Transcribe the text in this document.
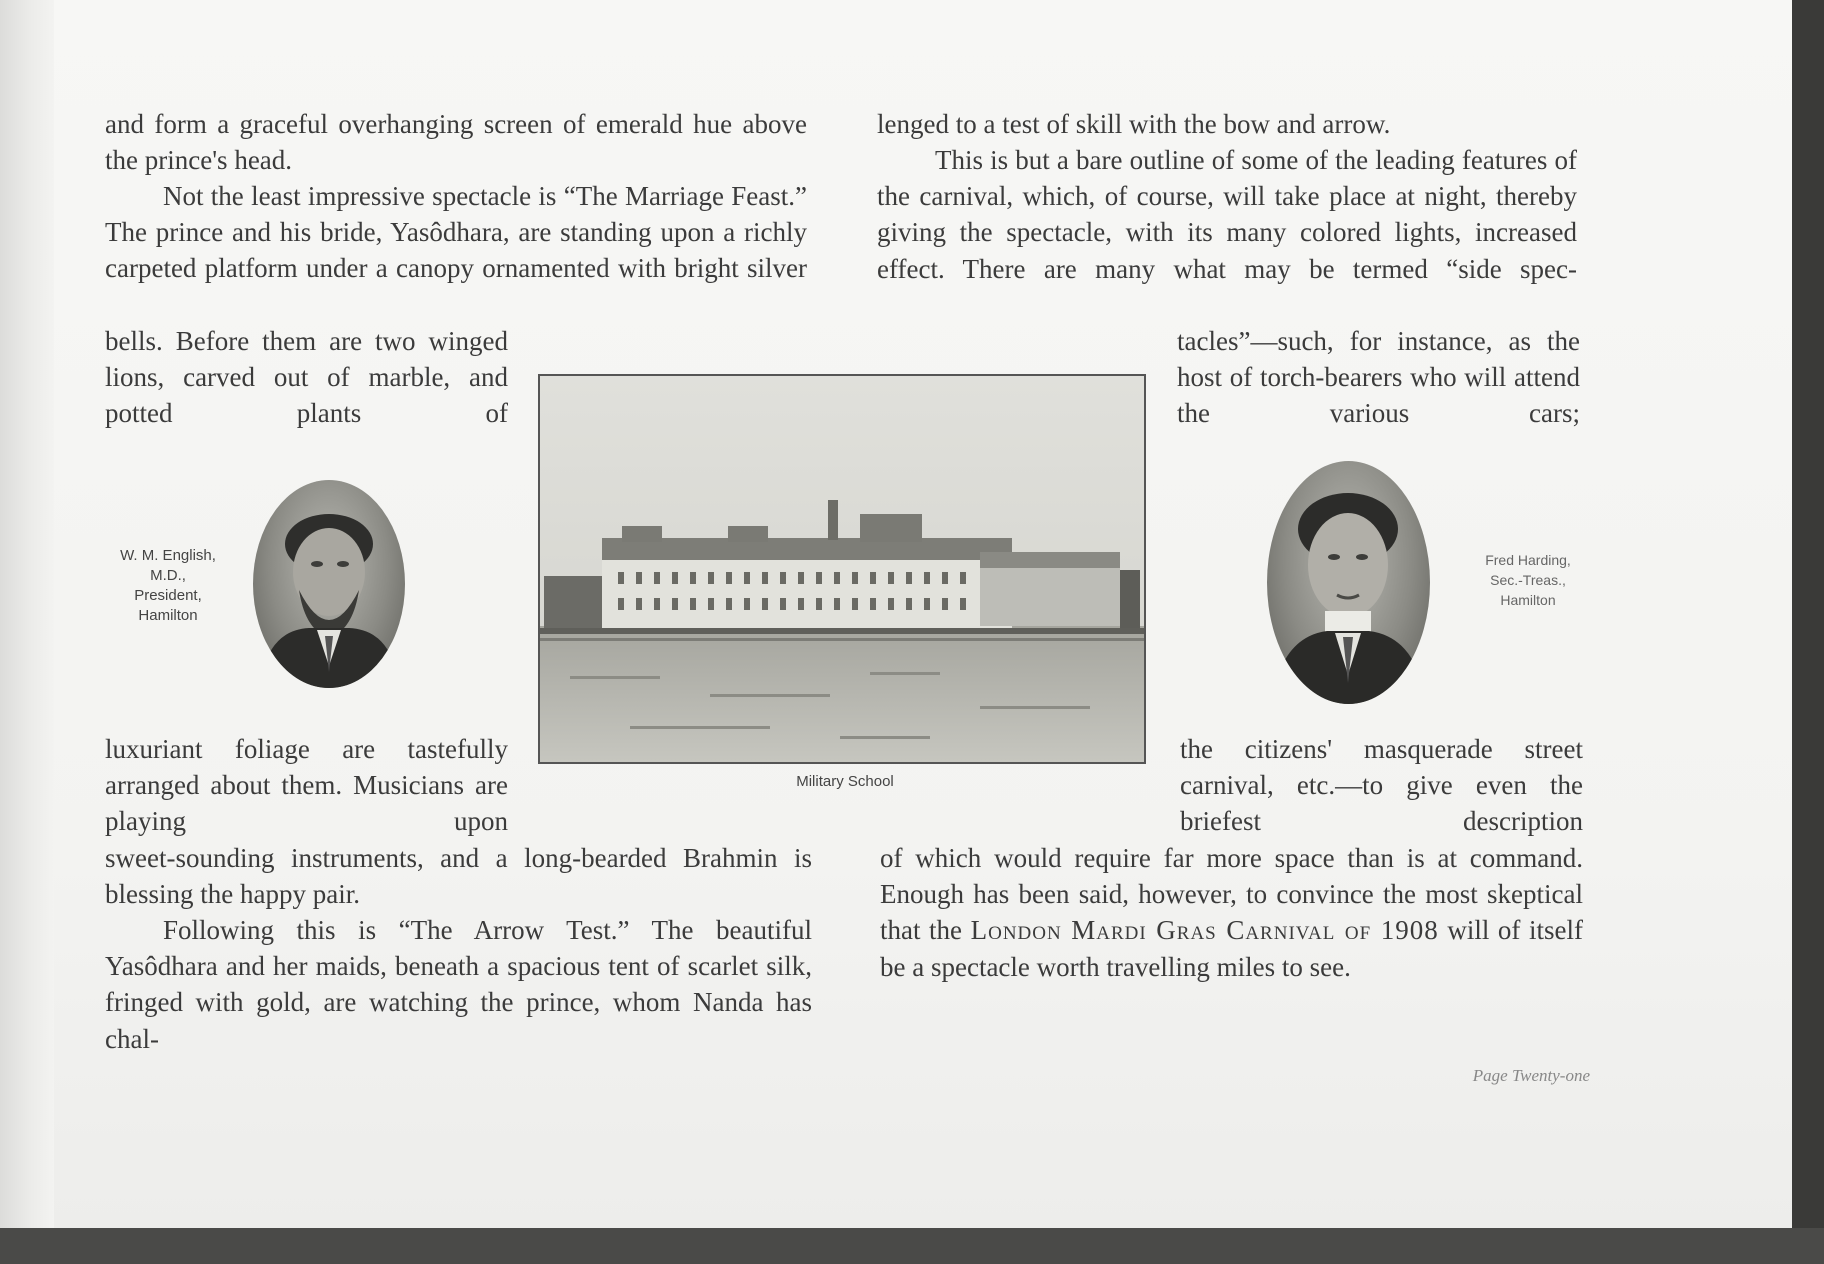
and form a graceful overhanging screen of emerald hue above the prince's head.

Not the least impressive spectacle is “The Marriage Feast.” The prince and his bride, Yasôdhara, are standing upon a richly carpeted platform under a canopy ornamented with bright silver

bells. Before them are two winged lions, carved out of marble, and potted plants of

luxuriant foliage are tastefully arranged about them. Musicians are playing upon

sweet-sounding instruments, and a long-bearded Brahmin is blessing the happy pair.

Following this is “The Arrow Test.” The beautiful Yasôdhara and her maids, beneath a spacious tent of scarlet silk, fringed with gold, are watching the prince, whom Nanda has chal-

lenged to a test of skill with the bow and arrow.

This is but a bare outline of some of the leading features of the carnival, which, of course, will take place at night, thereby giving the spectacle, with its many colored lights, increased effect. There are many what may be termed “side spec-

tacles”—such, for instance, as the host of torch-bearers who will attend the various cars;

the citizens' masquerade street carnival, etc.—to give even the briefest description

of which would require far more space than is at command. Enough has been said, however, to convince the most skeptical that the London Mardi Gras Carnival of 1908 will of itself be a spectacle worth travelling miles to see.

W. M. English,
M.D.,
President,
Hamilton
Military School
Fred Harding,
Sec.-Treas.,
Hamilton
Page Twenty-one
